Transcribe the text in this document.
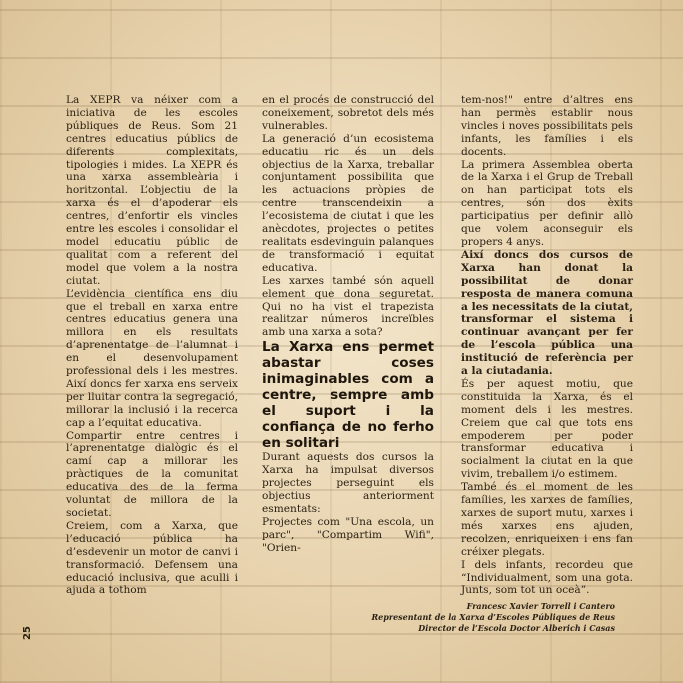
La XEPR va néixer com a iniciativa de les escoles públiques de Reus. Som 21 centres educatius públics de diferents complexitats, tipologies i mides. La XEPR és una xarxa assembleària i horitzontal. L’objectiu de la xarxa és el d’apoderar els centres, d’enfortir els vincles entre les escoles i consolidar el model educatiu públic de qualitat com a referent del model que volem a la nostra ciutat.

L’evidència científica ens diu que el treball en xarxa entre centres educatius genera una millora en els resultats d’aprenentatge de l’alumnat i en el desenvolupament professional dels i les mestres. Així doncs fer xarxa ens serveix per lluitar contra la segregació, millorar la inclusió i la recerca cap a l’equitat educativa.

Compartir entre centres i l’aprenentatge dialògic és el camí cap a millorar les pràctiques de la comunitat educativa des de la ferma voluntat de millora de la societat.

Creiem, com a Xarxa, que l’educació pública ha d’esdevenir un motor de canvi i transformació. Defensem una educació inclusiva, que aculli i ajuda a tothom

en el procés de construcció del coneixement, sobretot dels més vulnerables.

La generació d’un ecosistema educatiu ric és un dels objectius de la Xarxa, treballar conjuntament possibilita que les actuacions pròpies de centre transcendeixin a l’ecosistema de ciutat i que les anècdotes, projectes o petites realitats esdevinguin palanques de transformació i equitat educativa.

Les xarxes també són aquell element que dona seguretat. Qui no ha vist el trapezista realitzar números increïbles amb una xarxa a sota?

La Xarxa ens permet abastar coses inimaginables com a centre, sempre amb el suport i la confiança de no ferho en solitari

Durant aquests dos cursos la Xarxa ha impulsat diversos projectes perseguint els objectius anteriorment esmentats:

Projectes com "Una escola, un parc", "Compartim Wifi", "Orien-

tem-nos!" entre d’altres ens han permès establir nous vincles i noves possibilitats pels infants, les famílies i els docents.

La primera Assemblea oberta de la Xarxa i el Grup de Treball on han participat tots els centres, són dos èxits participatius per definir allò que volem aconseguir els propers 4 anys.

Així doncs dos cursos de Xarxa han donat la possibilitat de donar resposta de manera comuna a les necessitats de la ciutat, transformar el sistema i continuar avançant per fer de l’escola pública una institució de referència per a la ciutadania.

És per aquest motiu, que constituida la Xarxa, és el moment dels i les mestres. Creiem que cal que tots ens empoderem per poder transformar educativa i socialment la ciutat en la que vivim, treballem i/o estimem.

També és el moment de les famílies, les xarxes de famílies, xarxes de suport mutu, xarxes i més xarxes ens ajuden, recolzen, enriqueixen i ens fan créixer plegats.

I dels infants, recordeu que “Individualment, som una gota. Junts, som tot un oceà”.

Francesc Xavier Torrell i Cantero
Representant de la Xarxa d’Escoles Públiques de Reus
Director de l’Escola Doctor Alberich i Casas
25
